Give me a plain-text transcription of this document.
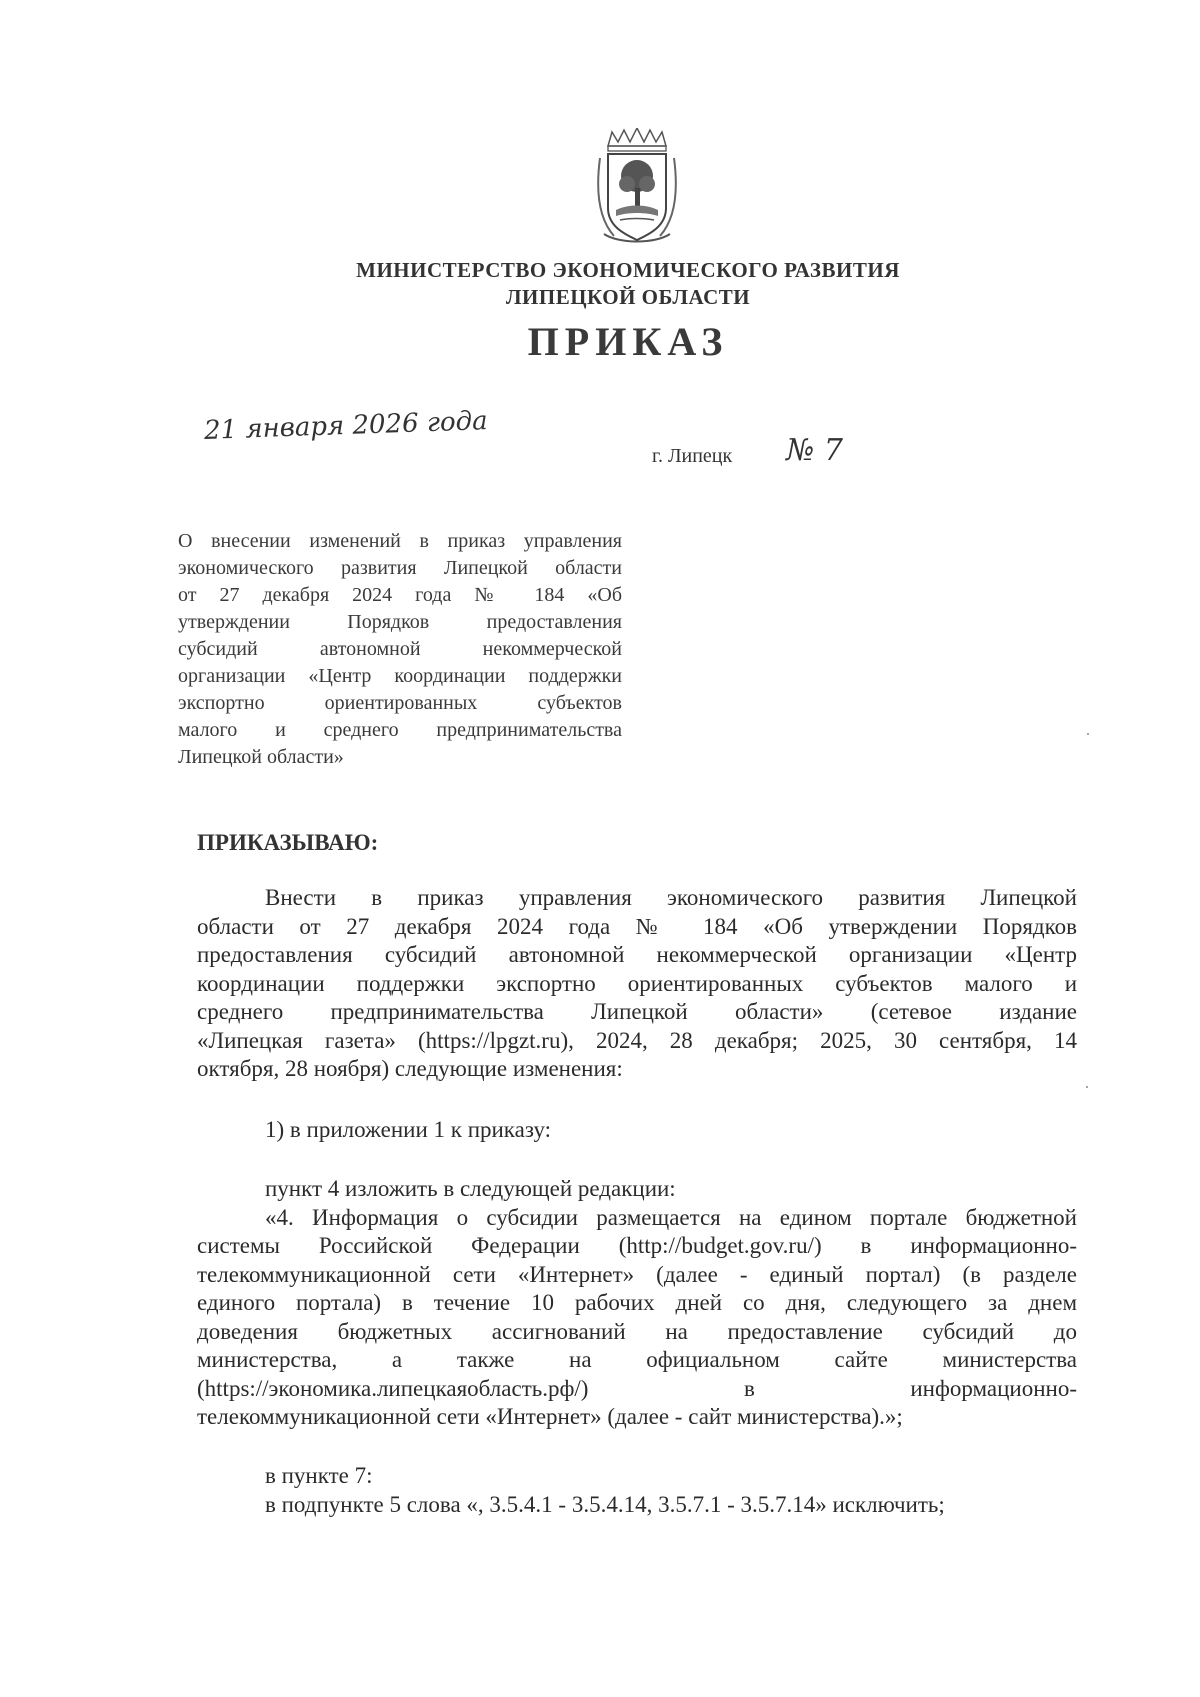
МИНИСТЕРСТВО ЭКОНОМИЧЕСКОГО РАЗВИТИЯ
ЛИПЕЦКОЙ ОБЛАСТИ
ПРИКАЗ
21 января 2026 года
г. Липецк № 7
О внесении изменений в приказ управления
экономического развития Липецкой области
от 27 декабря 2024 года № 184 «Об
утверждении Порядков предоставления
субсидий автономной некоммерческой
организации «Центр координации поддержки
экспортно ориентированных субъектов
малого и среднего предпринимательства
Липецкой области»
ПРИКАЗЫВАЮ:
Внести в приказ управления экономического развития Липецкой
области от 27 декабря 2024 года № 184 «Об утверждении Порядков
предоставления субсидий автономной некоммерческой организации «Центр
координации поддержки экспортно ориентированных субъектов малого и
среднего предпринимательства Липецкой области» (сетевое издание
«Липецкая газета» (https://lpgzt.ru), 2024, 28 декабря; 2025, 30 сентября, 14
октября, 28 ноября) следующие изменения:
1) в приложении 1 к приказу:
пункт 4 изложить в следующей редакции:
«4. Информация о субсидии размещается на едином портале бюджетной
системы Российской Федерации (http://budget.gov.ru/) в информационно-
телекоммуникационной сети «Интернет» (далее - единый портал) (в разделе
единого портала) в течение 10 рабочих дней со дня, следующего за днем
доведения бюджетных ассигнований на предоставление субсидий до
министерства, а также на официальном сайте министерства
(https://экономика.липецкаяобласть.рф/) в информационно-
телекоммуникационной сети «Интернет» (далее - сайт министерства).»;
в пункте 7:
в подпункте 5 слова «, 3.5.4.1 - 3.5.4.14, 3.5.7.1 - 3.5.7.14» исключить;
